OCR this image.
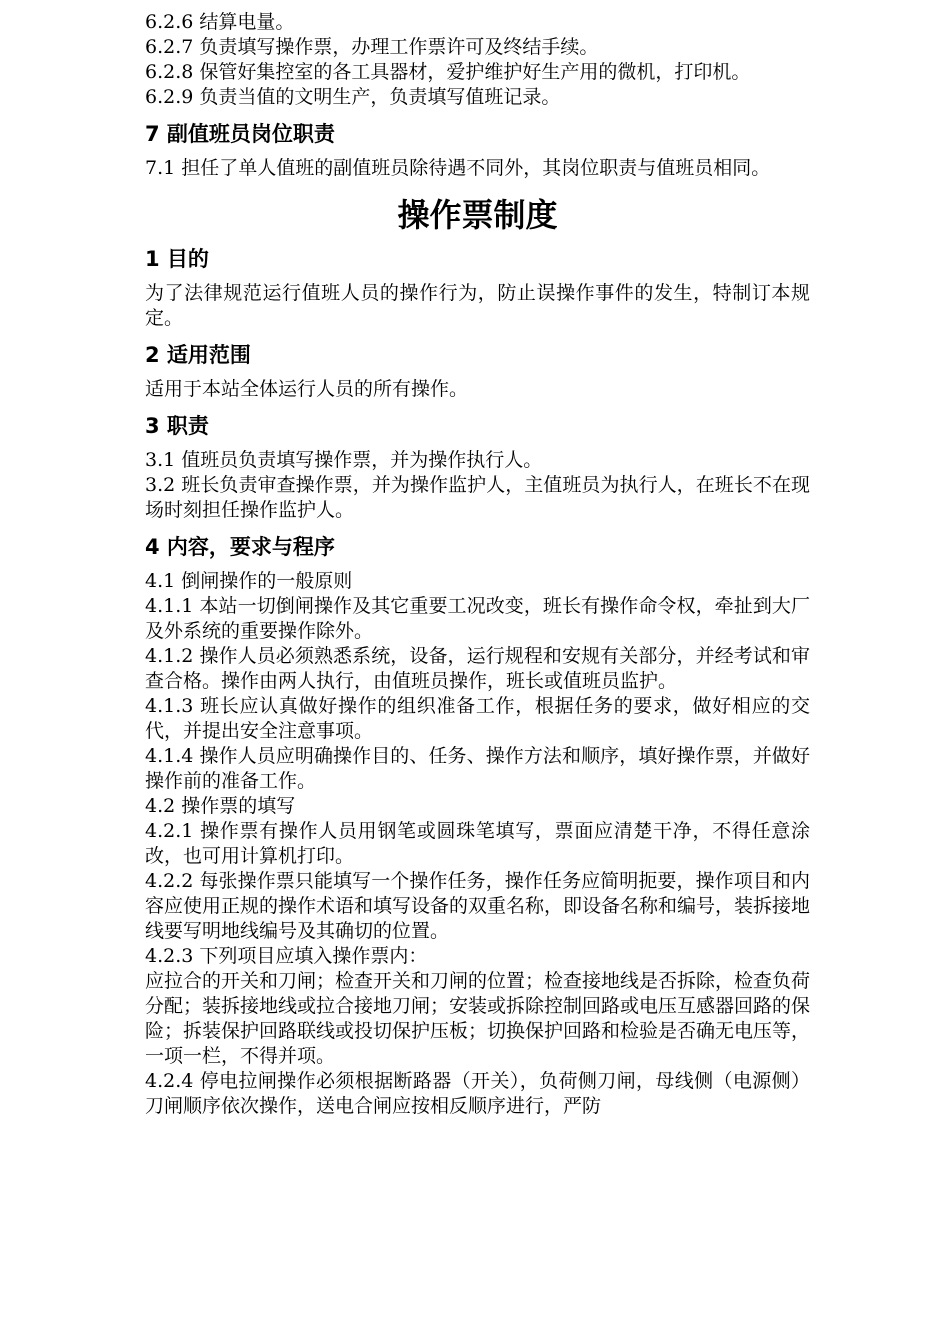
6.2.6 结算电量。

6.2.7 负责填写操作票，办理工作票许可及终结手续。

6.2.8 保管好集控室的各工具器材，爱护维护好生产用的微机，打印机。

6.2.9 负责当值的文明生产，负责填写值班记录。

7 副值班员岗位职责

7.1 担任了单人值班的副值班员除待遇不同外，其岗位职责与值班员相同。

操作票制度
1 目的

为了法律规范运行值班人员的操作行为，防止误操作事件的发生，特制订本规定。

2 适用范围

适用于本站全体运行人员的所有操作。

3 职责

3.1 值班员负责填写操作票，并为操作执行人。

3.2 班长负责审查操作票，并为操作监护人，主值班员为执行人，在班长不在现场时刻担任操作监护人。

4 内容，要求与程序

4.1 倒闸操作的一般原则

4.1.1 本站一切倒闸操作及其它重要工况改变，班长有操作命令权，牵扯到大厂及外系统的重要操作除外。

4.1.2 操作人员必须熟悉系统，设备，运行规程和安规有关部分，并经考试和审查合格。操作由两人执行，由值班员操作，班长或值班员监护。

4.1.3 班长应认真做好操作的组织准备工作，根据任务的要求，做好相应的交代，并提出安全注意事项。

4.1.4 操作人员应明确操作目的、任务、操作方法和顺序，填好操作票，并做好操作前的准备工作。

4.2 操作票的填写

4.2.1 操作票有操作人员用钢笔或圆珠笔填写，票面应清楚干净，不得任意涂改，也可用计算机打印。

4.2.2 每张操作票只能填写一个操作任务，操作任务应简明扼要，操作项目和内容应使用正规的操作术语和填写设备的双重名称，即设备名称和编号，装拆接地线要写明地线编号及其确切的位置。

4.2.3 下列项目应填入操作票内：

应拉合的开关和刀闸；检查开关和刀闸的位置；检查接地线是否拆除，检查负荷分配；装拆接地线或拉合接地刀闸；安装或拆除控制回路或电压互感器回路的保险；拆装保护回路联线或投切保护压板；切换保护回路和检验是否确无电压等，一项一栏，不得并项。

4.2.4 停电拉闸操作必须根据断路器（开关），负荷侧刀闸，母线侧（电源侧）刀闸顺序依次操作，送电合闸应按相反顺序进行，严防
